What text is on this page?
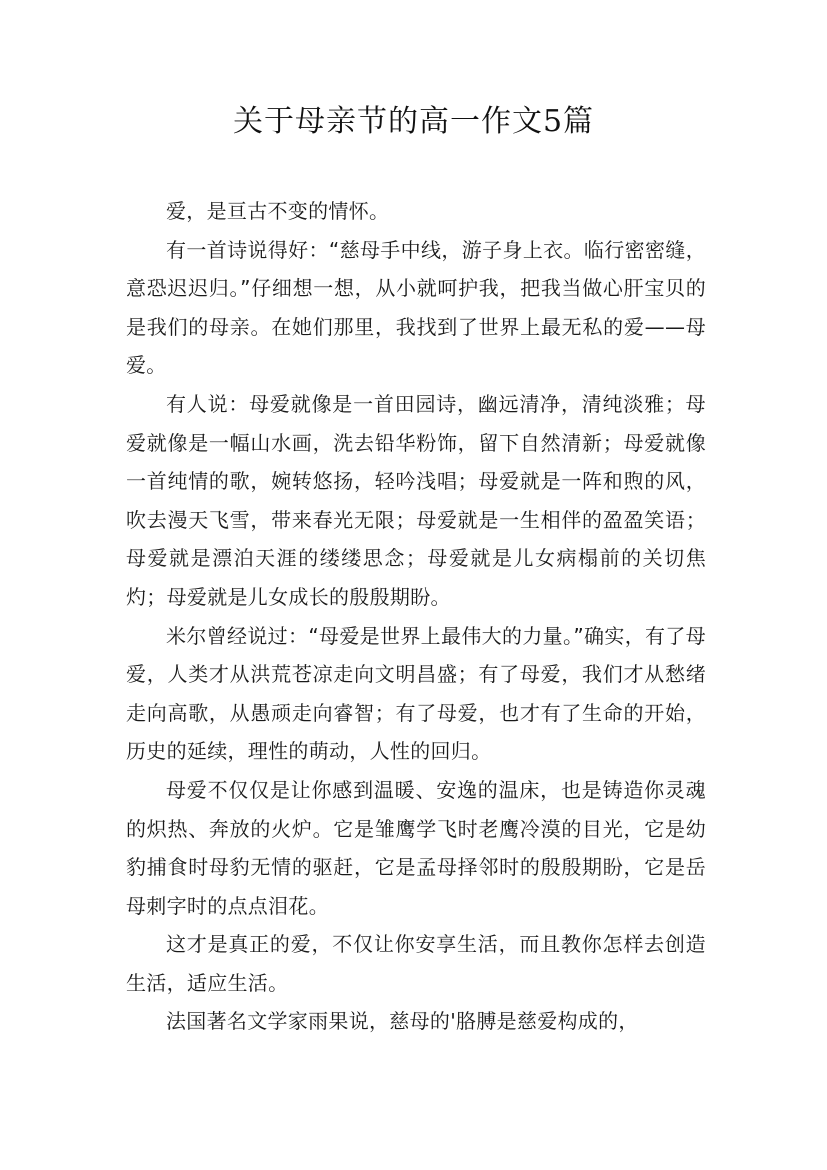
关于母亲节的高一作文5篇

爱，是亘古不变的情怀。

有一首诗说得好：“慈母手中线，游子身上衣。临行密密缝，意恐迟迟归。”仔细想一想，从小就呵护我，把我当做心肝宝贝的是我们的母亲。在她们那里，我找到了世界上最无私的爱——母爱。

有人说：母爱就像是一首田园诗，幽远清净，清纯淡雅；母爱就像是一幅山水画，洗去铅华粉饰，留下自然清新；母爱就像一首纯情的歌，婉转悠扬，轻吟浅唱；母爱就是一阵和煦的风，吹去漫天飞雪，带来春光无限；母爱就是一生相伴的盈盈笑语；母爱就是漂泊天涯的缕缕思念；母爱就是儿女病榻前的关切焦灼；母爱就是儿女成长的殷殷期盼。

米尔曾经说过：“母爱是世界上最伟大的力量。”确实，有了母爱，人类才从洪荒苍凉走向文明昌盛；有了母爱，我们才从愁绪走向高歌，从愚顽走向睿智；有了母爱，也才有了生命的开始，历史的延续，理性的萌动，人性的回归。

母爱不仅仅是让你感到温暖、安逸的温床，也是铸造你灵魂的炽热、奔放的火炉。它是雏鹰学飞时老鹰冷漠的目光，它是幼豹捕食时母豹无情的驱赶，它是孟母择邻时的殷殷期盼，它是岳母刺字时的点点泪花。

这才是真正的爱，不仅让你安享生活，而且教你怎样去创造生活，适应生活。

法国著名文学家雨果说，慈母的'胳膊是慈爱构成的，
